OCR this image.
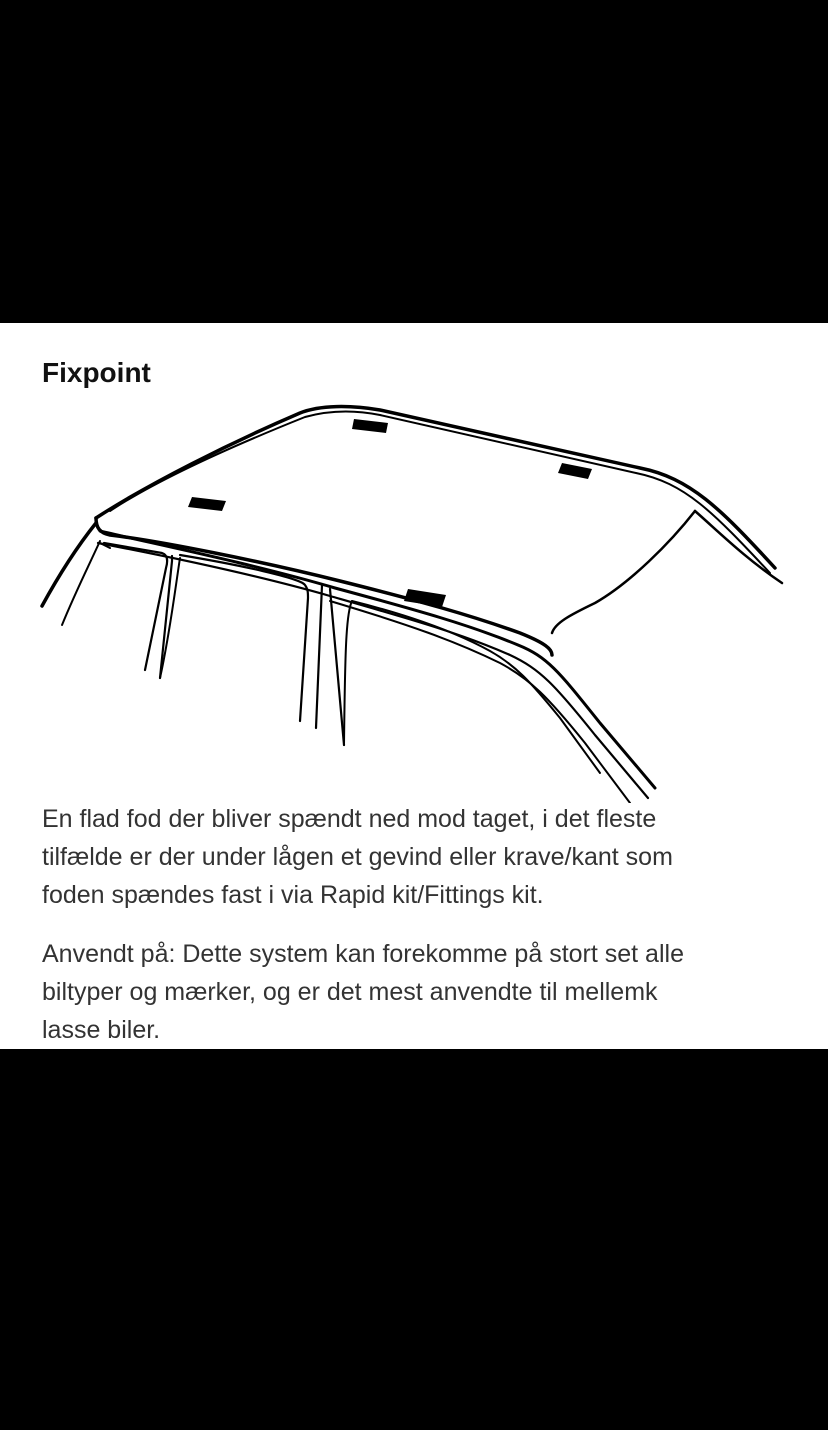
Fixpoint

En flad fod der bliver spændt ned mod taget, i det fleste
tilfælde er der under lågen et gevind eller krave/kant som
foden spændes fast i via Rapid kit/Fittings kit.

Anvendt på: Dette system kan forekomme på stort set alle
biltyper og mærker, og er det mest anvendte til mellemk
lasse biler.
